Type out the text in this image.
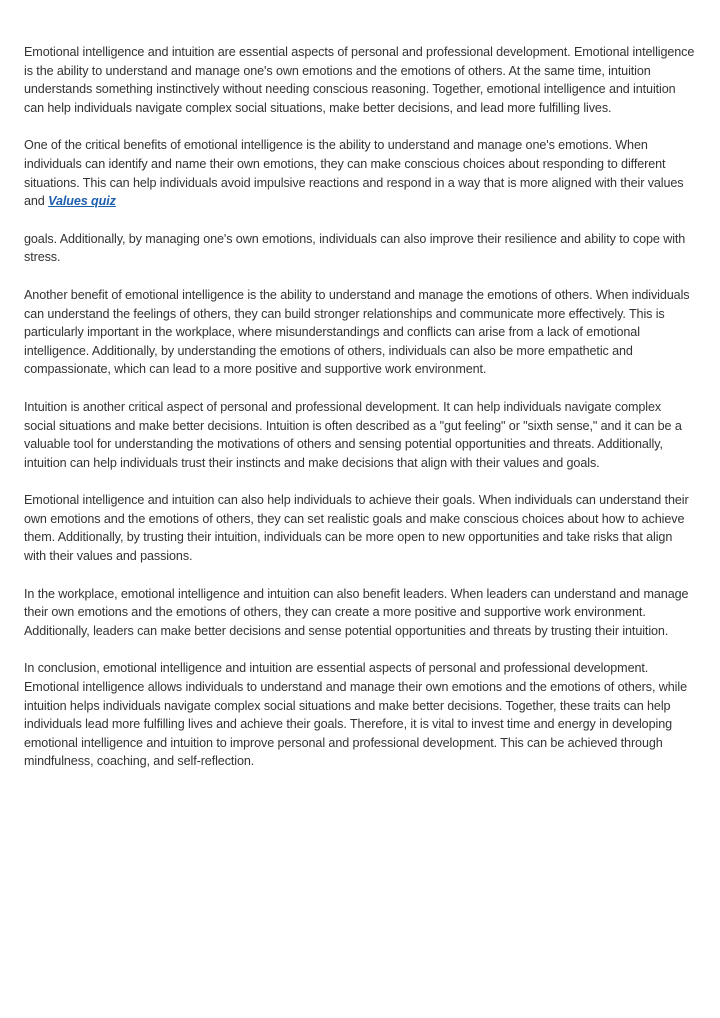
Emotional intelligence and intuition are essential aspects of personal and professional development. Emotional intelligence is the ability to understand and manage one's own emotions and the emotions of others. At the same time, intuition understands something instinctively without needing conscious reasoning. Together, emotional intelligence and intuition can help individuals navigate complex social situations, make better decisions, and lead more fulfilling lives.

One of the critical benefits of emotional intelligence is the ability to understand and manage one's emotions. When individuals can identify and name their own emotions, they can make conscious choices about responding to different situations. This can help individuals avoid impulsive reactions and respond in a way that is more aligned with their values and Values quiz

goals. Additionally, by managing one's own emotions, individuals can also improve their resilience and ability to cope with stress.

Another benefit of emotional intelligence is the ability to understand and manage the emotions of others. When individuals can understand the feelings of others, they can build stronger relationships and communicate more effectively. This is particularly important in the workplace, where misunderstandings and conflicts can arise from a lack of emotional intelligence. Additionally, by understanding the emotions of others, individuals can also be more empathetic and compassionate, which can lead to a more positive and supportive work environment.

Intuition is another critical aspect of personal and professional development. It can help individuals navigate complex social situations and make better decisions. Intuition is often described as a "gut feeling" or "sixth sense," and it can be a valuable tool for understanding the motivations of others and sensing potential opportunities and threats. Additionally, intuition can help individuals trust their instincts and make decisions that align with their values and goals.

Emotional intelligence and intuition can also help individuals to achieve their goals. When individuals can understand their own emotions and the emotions of others, they can set realistic goals and make conscious choices about how to achieve them. Additionally, by trusting their intuition, individuals can be more open to new opportunities and take risks that align with their values and passions.

In the workplace, emotional intelligence and intuition can also benefit leaders. When leaders can understand and manage their own emotions and the emotions of others, they can create a more positive and supportive work environment. Additionally, leaders can make better decisions and sense potential opportunities and threats by trusting their intuition.

In conclusion, emotional intelligence and intuition are essential aspects of personal and professional development. Emotional intelligence allows individuals to understand and manage their own emotions and the emotions of others, while intuition helps individuals navigate complex social situations and make better decisions. Together, these traits can help individuals lead more fulfilling lives and achieve their goals. Therefore, it is vital to invest time and energy in developing emotional intelligence and intuition to improve personal and professional development. This can be achieved through mindfulness, coaching, and self-reflection.
